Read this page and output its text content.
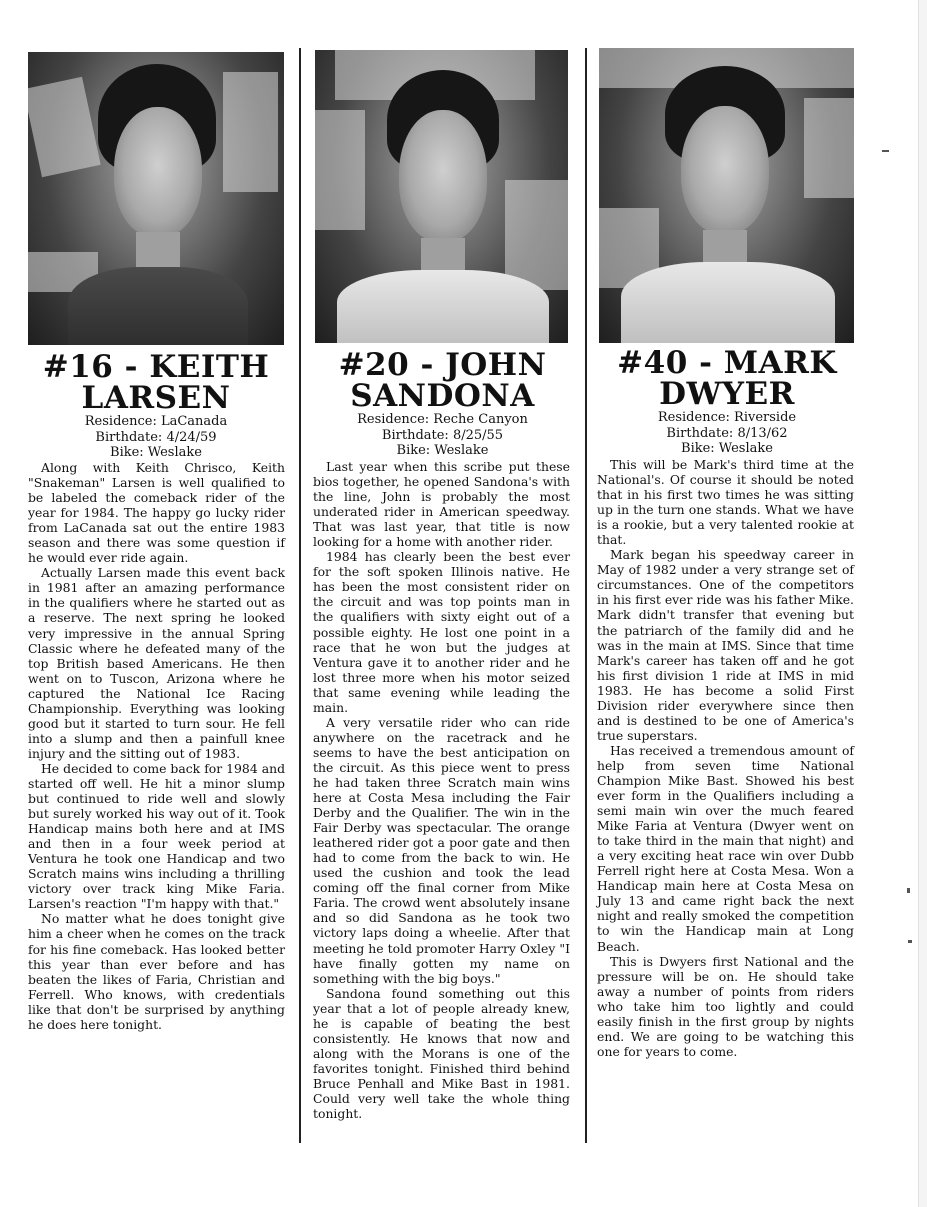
#16 - KEITH
LARSEN
Residence: LaCanada
Birthdate: 4/24/59
Bike: Weslake

Along with Keith Chrisco, Keith "Snakeman" Larsen is well qualified to be labeled the comeback rider of the year for 1984. The happy go lucky rider from LaCanada sat out the entire 1983 season and there was some question if he would ever ride again.

Actually Larsen made this event back in 1981 after an amazing performance in the qualifiers where he started out as a reserve. The next spring he looked very impressive in the annual Spring Classic where he defeated many of the top British based Americans. He then went on to Tuscon, Arizona where he captured the National Ice Racing Championship. Everything was looking good but it started to turn sour. He fell into a slump and then a painfull knee injury and the sitting out of 1983.

He decided to come back for 1984 and started off well. He hit a minor slump but continued to ride well and slowly but surely worked his way out of it. Took Handicap mains both here and at IMS and then in a four week period at Ventura he took one Handicap and two Scratch mains wins including a thrilling victory over track king Mike Faria. Larsen's reaction "I'm happy with that."

No matter what he does tonight give him a cheer when he comes on the track for his fine comeback. Has looked better this year than ever before and has beaten the likes of Faria, Christian and Ferrell. Who knows, with credentials like that don't be surprised by anything he does here tonight.

#20 - JOHN
SANDONA
Residence: Reche Canyon
Birthdate: 8/25/55
Bike: Weslake

Last year when this scribe put these bios together, he opened Sandona's with the line, John is probably the most underated rider in American speedway. That was last year, that title is now looking for a home with another rider.

1984 has clearly been the best ever for the soft spoken Illinois native. He has been the most consistent rider on the circuit and was top points man in the qualifiers with sixty eight out of a possible eighty. He lost one point in a race that he won but the judges at Ventura gave it to another rider and he lost three more when his motor seized that same evening while leading the main.

A very versatile rider who can ride anywhere on the racetrack and he seems to have the best anticipation on the circuit. As this piece went to press he had taken three Scratch main wins here at Costa Mesa including the Fair Derby and the Qualifier. The win in the Fair Derby was spectacular. The orange leathered rider got a poor gate and then had to come from the back to win. He used the cushion and took the lead coming off the final corner from Mike Faria. The crowd went absolutely insane and so did Sandona as he took two victory laps doing a wheelie. After that meeting he told promoter Harry Oxley "I have finally gotten my name on something with the big boys."

Sandona found something out this year that a lot of people already knew, he is capable of beating the best consistently. He knows that now and along with the Morans is one of the favorites tonight. Finished third behind Bruce Penhall and Mike Bast in 1981. Could very well take the whole thing tonight.

#40 - MARK
DWYER
Residence: Riverside
Birthdate: 8/13/62
Bike: Weslake

This will be Mark's third time at the National's. Of course it should be noted that in his first two times he was sitting up in the turn one stands. What we have is a rookie, but a very talented rookie at that.

Mark began his speedway career in May of 1982 under a very strange set of circumstances. One of the competitors in his first ever ride was his father Mike. Mark didn't transfer that evening but the patriarch of the family did and he was in the main at IMS. Since that time Mark's career has taken off and he got his first division 1 ride at IMS in mid 1983. He has become a solid First Division rider everywhere since then and is destined to be one of America's true superstars.

Has received a tremendous amount of help from seven time National Champion Mike Bast. Showed his best ever form in the Qualifiers including a semi main win over the much feared Mike Faria at Ventura (Dwyer went on to take third in the main that night) and a very exciting heat race win over Dubb Ferrell right here at Costa Mesa. Won a Handicap main here at Costa Mesa on July 13 and came right back the next night and really smoked the competition to win the Handicap main at Long Beach.

This is Dwyers first National and the pressure will be on. He should take away a number of points from riders who take him too lightly and could easily finish in the first group by nights end. We are going to be watching this one for years to come.
